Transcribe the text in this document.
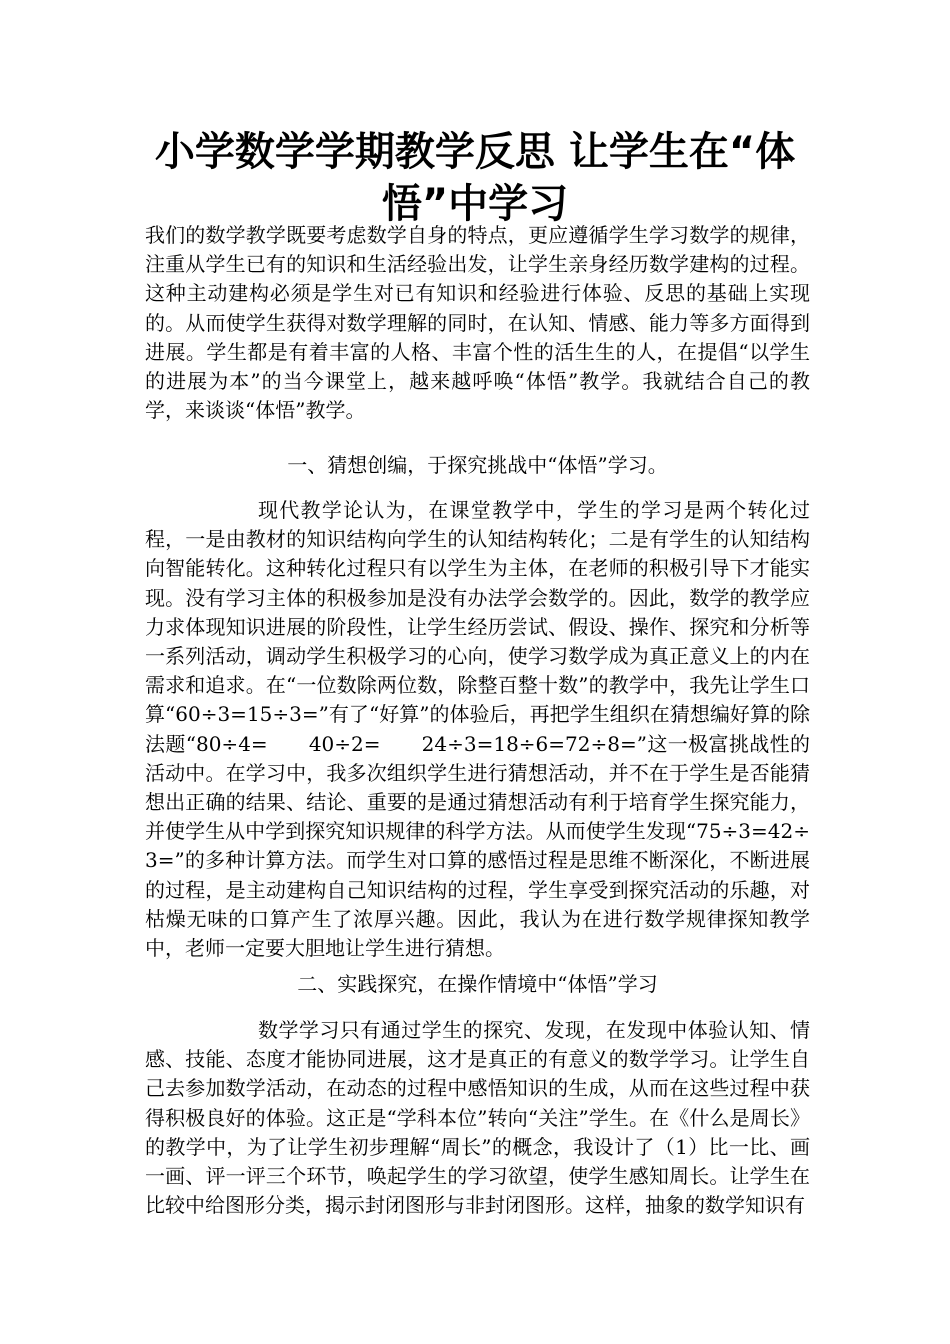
小学数学学期教学反思 让学生在“体悟”中学习

我们的数学教学既要考虑数学自身的特点，更应遵循学生学习数学的规律，注重从学生已有的知识和生活经验出发，让学生亲身经历数学建构的过程。这种主动建构必须是学生对已有知识和经验进行体验、反思的基础上实现的。从而使学生获得对数学理解的同时，在认知、情感、能力等多方面得到进展。学生都是有着丰富的人格、丰富个性的活生生的人，在提倡“以学生的进展为本”的当今课堂上，越来越呼唤“体悟”教学。我就结合自己的教学，来谈谈“体悟”教学。

一、猜想创编，于探究挑战中“体悟”学习。

现代教学论认为，在课堂教学中，学生的学习是两个转化过程，一是由教材的知识结构向学生的认知结构转化；二是有学生的认知结构向智能转化。这种转化过程只有以学生为主体，在老师的积极引导下才能实现。没有学习主体的积极参加是没有办法学会数学的。因此，数学的教学应力求体现知识进展的阶段性，让学生经历尝试、假设、操作、探究和分析等一系列活动，调动学生积极学习的心向，使学习数学成为真正意义上的内在需求和追求。在“一位数除两位数，除整百整十数”的教学中，我先让学生口算“60÷3=15÷3=”有了“好算”的体验后，再把学生组织在猜想编好算的除法题“80÷4=　　40÷2=　　24÷3=18÷6=72÷8=”这一极富挑战性的活动中。在学习中，我多次组织学生进行猜想活动，并不在于学生是否能猜想出正确的结果、结论、重要的是通过猜想活动有利于培育学生探究能力，并使学生从中学到探究知识规律的科学方法。从而使学生发现“75÷3=42÷3=”的多种计算方法。而学生对口算的感悟过程是思维不断深化，不断进展的过程，是主动建构自己知识结构的过程，学生享受到探究活动的乐趣，对枯燥无味的口算产生了浓厚兴趣。因此，我认为在进行数学规律探知教学中，老师一定要大胆地让学生进行猜想。

二、实践探究，在操作情境中“体悟”学习

数学学习只有通过学生的探究、发现，在发现中体验认知、情感、技能、态度才能协同进展，这才是真正的有意义的数学学习。让学生自己去参加数学活动，在动态的过程中感悟知识的生成，从而在这些过程中获得积极良好的体验。这正是“学科本位”转向“关注”学生。在《什么是周长》的教学中，为了让学生初步理解“周长”的概念，我设计了（1）比一比、画一画、评一评三个环节，唤起学生的学习欲望，使学生感知周长。让学生在比较中给图形分类，揭示封闭图形与非封闭图形。这样，抽象的数学知识有
